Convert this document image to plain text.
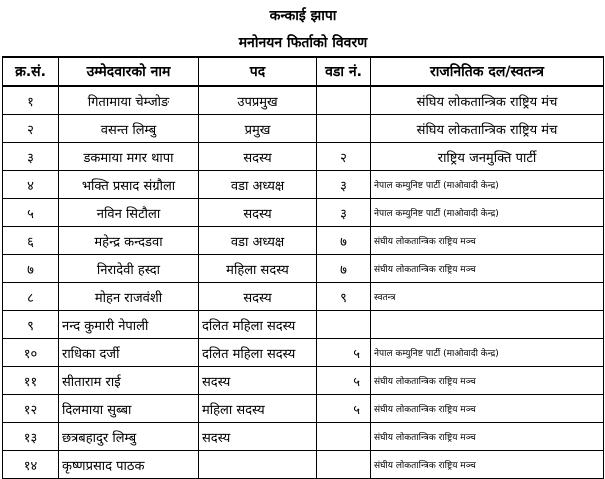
कन्काई झापा				
मनोनयन फिर्ताको विवरण				
क्र.सं.	उम्मेदवारको नाम	पद	वडा नं.	राजनितिक दल/स्वतन्त्र
१	गितामाया चेम्जोङ	उपप्रमुख		संघिय लोकतान्त्रिक राष्ट्रिय मंच
२	वसन्त लिम्बु	प्रमुख		संघिय लोकतान्त्रिक राष्ट्रिय मंच
३	डकमाया मगर थापा	सदस्य	२	राष्ट्रिय जनमुक्ति पार्टी
४	भक्ति प्रसाद संग्रौला	वडा अध्यक्ष	३	नेपाल कम्युनिष्ट पार्टी (माओवादी केन्द्र)
५	नविन सिटौला	सदस्य	३	नेपाल कम्युनिष्ट पार्टी (माओवादी केन्द्र)
६	महेन्द्र कन्दडवा	वडा अध्यक्ष	७	संघीय लोकतान्त्रिक राष्ट्रिय मञ्च
७	निरादेवी हस्दा	महिला सदस्य	७	संघीय लोकतान्त्रिक राष्ट्रिय मञ्च
८	मोहन राजवंशी	सदस्य	९	स्वतन्त्र
९	नन्द कुमारी नेपाली	दलित महिला सदस्य		
१०	राधिका दर्जी	दलित महिला सदस्य	५	नेपाल कम्युनिष्ट पार्टी (माओवादी केन्द्र)
११	सीताराम राई	सदस्य	५	संघीय लोकतान्त्रिक राष्ट्रिय मञ्च
१२	दिलमाया सुब्बा	महिला सदस्य	५	संघीय लोकतान्त्रिक राष्ट्रिय मञ्च
१३	छत्रबहादुर लिम्बु	सदस्य		संघीय लोकतान्त्रिक राष्ट्रिय मञ्च
१४	कृष्णप्रसाद पाठक			संघीय लोकतान्त्रिक राष्ट्रिय मञ्च
